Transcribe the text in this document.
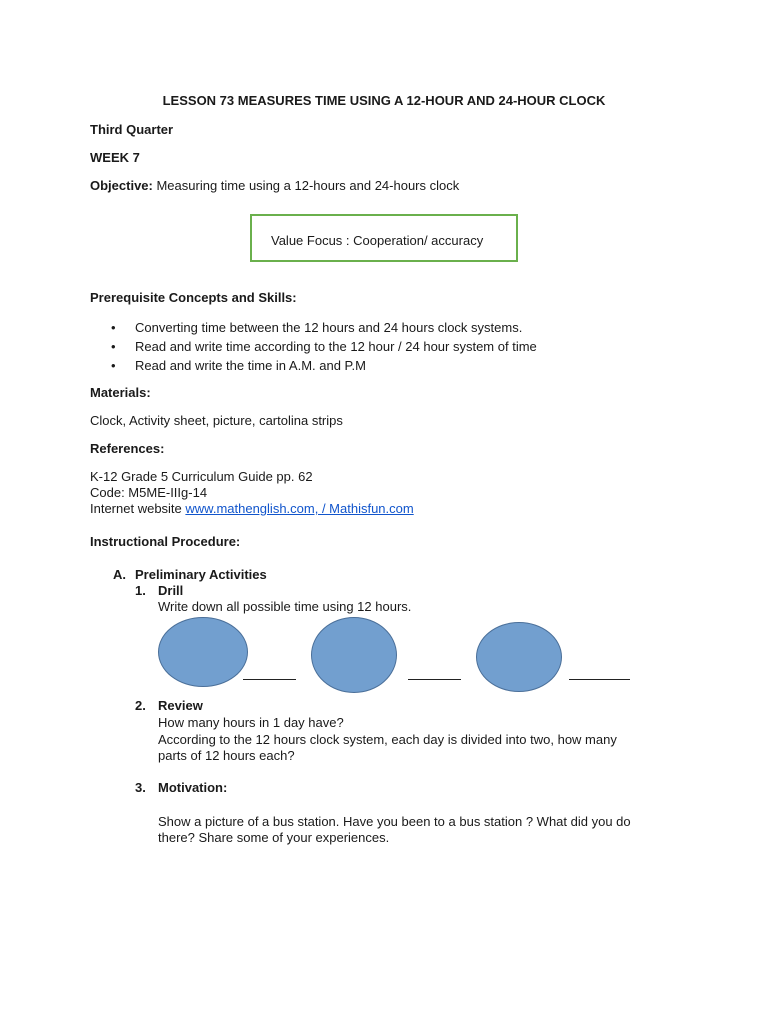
LESSON 73 MEASURES TIME USING A 12-HOUR AND 24-HOUR CLOCK
Third Quarter
WEEK 7
Objective: Measuring time using a 12-hours and 24-hours clock
Value Focus : Cooperation/ accuracy
Prerequisite Concepts and Skills:
• Converting time between the 12 hours and 24 hours clock systems.
• Read and write time according to the 12 hour / 24 hour system of time
• Read and write the time in A.M. and P.M
Materials:
Clock, Activity sheet, picture, cartolina strips
References:
K-12 Grade 5 Curriculum Guide pp. 62
Code: M5ME-IIIg-14
Internet website www.mathenglish.com, / Mathisfun.com
Instructional Procedure:
A. Preliminary Activities
1. Drill
Write down all possible time using 12 hours.
2. Review
How many hours in 1 day have?
According to the 12 hours clock system, each day is divided into two, how many
parts of 12 hours each?
3. Motivation:
Show a picture of a bus station. Have you been to a bus station ? What did you do
there? Share some of your experiences.
